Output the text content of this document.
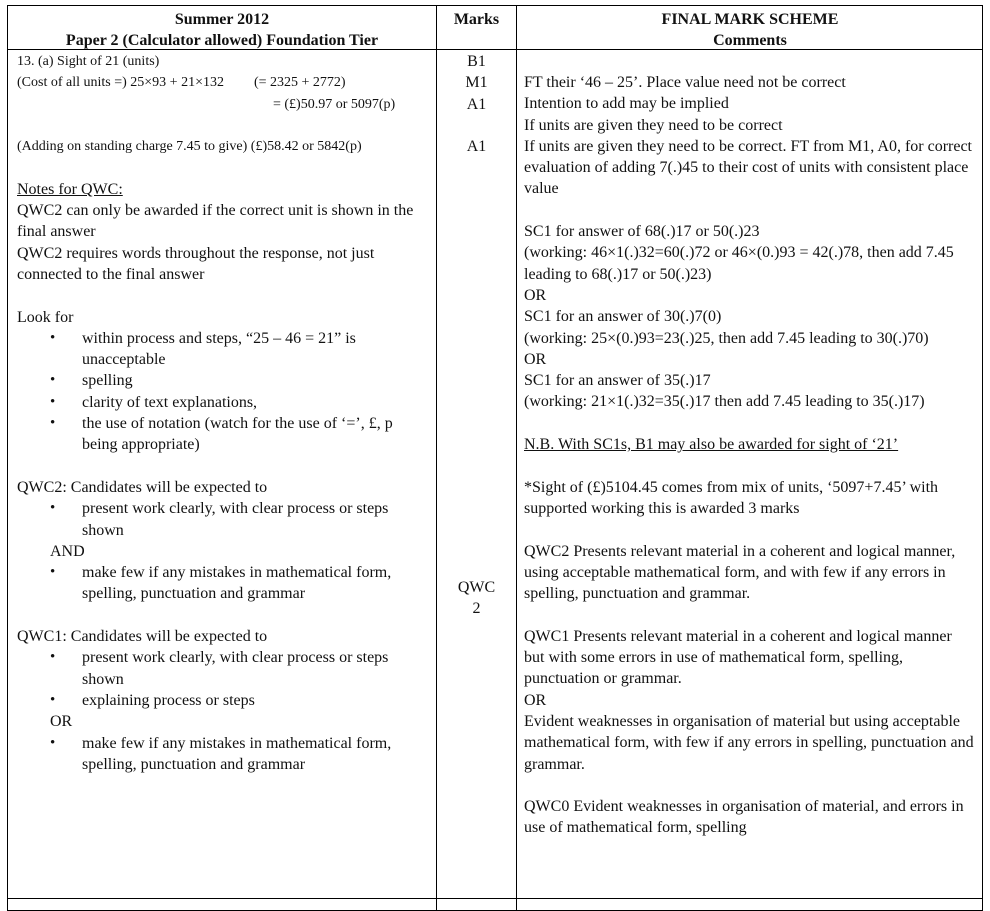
Summer 2012
Paper 2 (Calculator allowed) Foundation Tier
Marks	FINAL MARK SCHEME
Comments

13. (a) Sight of 21 (units)

(Cost of all units =) 25×93 + 21×132 (= 2325 + 2772)

= (£)50.97 or 5097(p)

(Adding on standing charge 7.45 to give) (£)58.42 or 5842(p)

Notes for QWC:

QWC2 can only be awarded if the correct unit is shown in the final answer

QWC2 requires words throughout the response, not just connected to the final answer

Look for

• within process and steps, “25 – 46 = 21” is unacceptable
• spelling
• clarity of text explanations,
• the use of notation (watch for the use of ‘=’, £, p being appropriate)

QWC2: Candidates will be expected to

• present work clearly, with clear process or steps shown

AND

• make few if any mistakes in mathematical form, spelling, punctuation and grammar

QWC1: Candidates will be expected to

• present work clearly, with clear process or steps shown
• explaining process or steps

OR

• make few if any mistakes in mathematical form, spelling, punctuation and grammar
B1
M1
A1
A1
QWC
2

FT their ‘46 – 25’. Place value need not be correct

Intention to add may be implied

If units are given they need to be correct

If units are given they need to be correct. FT from M1, A0, for correct evaluation of adding 7(.)45 to their cost of units with consistent place value

SC1 for answer of 68(.)17 or 50(.)23

(working: 46×1(.)32=60(.)72 or 46×(0.)93 = 42(.)78, then add 7.45 leading to 68(.)17 or 50(.)23)

OR

SC1 for an answer of 30(.)7(0)

(working: 25×(0.)93=23(.)25, then add 7.45 leading to 30(.)70)

OR

SC1 for an answer of 35(.)17

(working: 21×1(.)32=35(.)17 then add 7.45 leading to 35(.)17)

N.B. With SC1s, B1 may also be awarded for sight of ‘21’

*Sight of (£)5104.45 comes from mix of units, ‘5097+7.45’ with supported working this is awarded 3 marks

QWC2 Presents relevant material in a coherent and logical manner, using acceptable mathematical form, and with few if any errors in spelling, punctuation and grammar.

QWC1 Presents relevant material in a coherent and logical manner but with some errors in use of mathematical form, spelling, punctuation or grammar.

OR

Evident weaknesses in organisation of material but using acceptable mathematical form, with few if any errors in spelling, punctuation and grammar.

QWC0 Evident weaknesses in organisation of material, and errors in use of mathematical form, spelling
